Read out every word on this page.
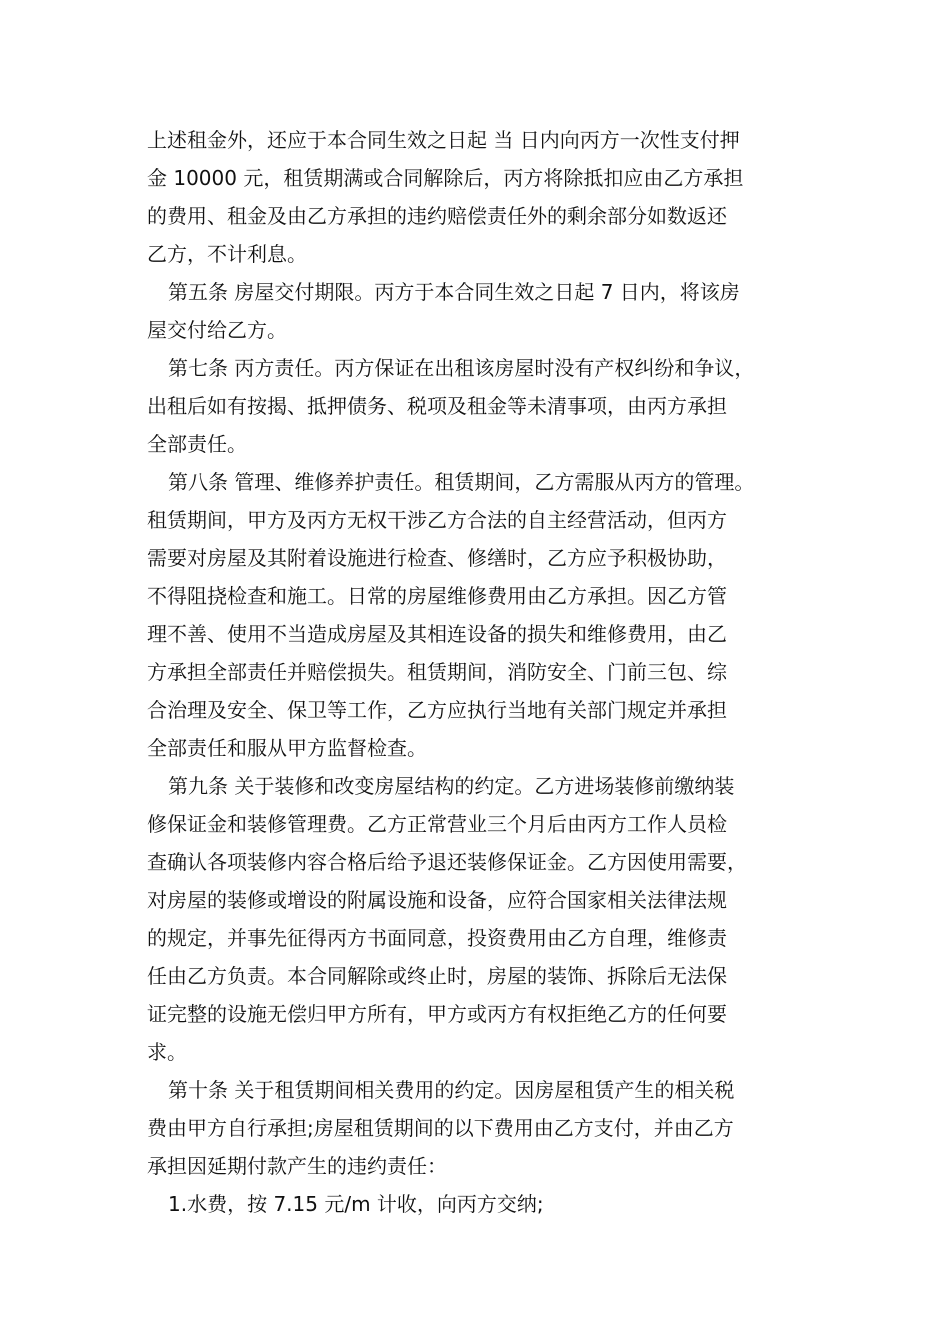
上述租金外，还应于本合同生效之日起 当 日内向丙方一次性支付押
金 10000 元，租赁期满或合同解除后，丙方将除抵扣应由乙方承担
的费用、租金及由乙方承担的违约赔偿责任外的剩余部分如数返还
乙方，不计利息。
第五条 房屋交付期限。丙方于本合同生效之日起 7 日内，将该房
屋交付给乙方。
第七条 丙方责任。丙方保证在出租该房屋时没有产权纠纷和争议，
出租后如有按揭、抵押债务、税项及租金等未清事项，由丙方承担
全部责任。
第八条 管理、维修养护责任。租赁期间，乙方需服从丙方的管理。
租赁期间，甲方及丙方无权干涉乙方合法的自主经营活动，但丙方
需要对房屋及其附着设施进行检查、修缮时，乙方应予积极协助，
不得阻挠检查和施工。日常的房屋维修费用由乙方承担。因乙方管
理不善、使用不当造成房屋及其相连设备的损失和维修费用，由乙
方承担全部责任并赔偿损失。租赁期间，消防安全、门前三包、综
合治理及安全、保卫等工作，乙方应执行当地有关部门规定并承担
全部责任和服从甲方监督检查。
第九条 关于装修和改变房屋结构的约定。乙方进场装修前缴纳装
修保证金和装修管理费。乙方正常营业三个月后由丙方工作人员检
查确认各项装修内容合格后给予退还装修保证金。乙方因使用需要，
对房屋的装修或增设的附属设施和设备，应符合国家相关法律法规
的规定，并事先征得丙方书面同意，投资费用由乙方自理，维修责
任由乙方负责。本合同解除或终止时，房屋的装饰、拆除后无法保
证完整的设施无偿归甲方所有，甲方或丙方有权拒绝乙方的任何要
求。
第十条 关于租赁期间相关费用的约定。因房屋租赁产生的相关税
费由甲方自行承担;房屋租赁期间的以下费用由乙方支付，并由乙方
承担因延期付款产生的违约责任：
1.水费，按 7.15 元/m 计收，向丙方交纳;
